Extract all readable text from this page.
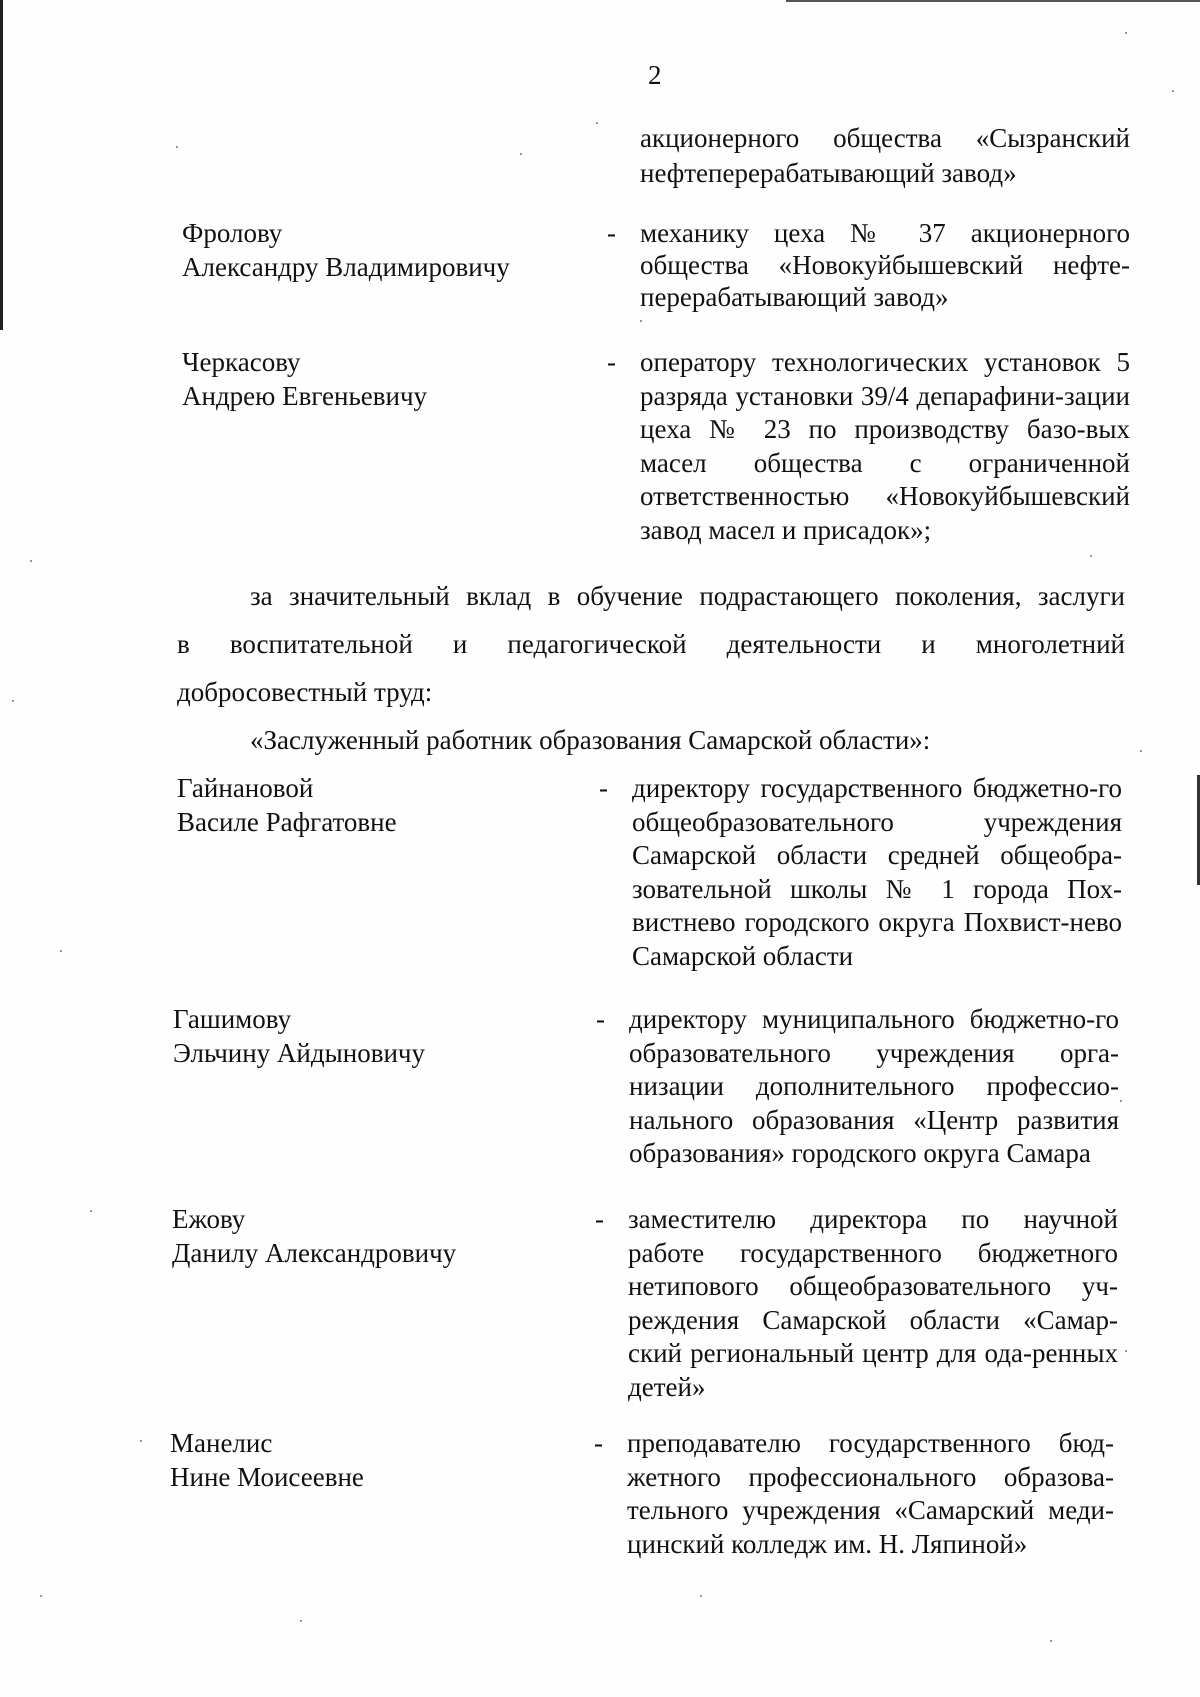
2
акционерного общества «Сызранский нефтеперерабатывающий завод»
Фролову
Александру Владимировичу
- механику цеха № 37 акционерного общества «Новокуйбышевский нефте-перерабатывающий завод»
Черкасову
Андрею Евгеньевичу
- оператору технологических установок 5 разряда установки 39/4 депарафини-зации цеха № 23 по производству базо-вых масел общества с ограниченной ответственностью «Новокуйбышевский завод масел и присадок»;
за значительный вклад в обучение подрастающего поколения, заслуги
в воспитательной и педагогической деятельности и многолетний
добросовестный труд:
«Заслуженный работник образования Самарской области»:
Гайнановой
Василе Рафгатовне
- директору государственного бюджетно-го общеобразовательного учреждения Самарской области средней общеобра-зовательной школы № 1 города Пох-вистнево городского округа Похвист-нево Самарской области
Гашимову
Эльчину Айдыновичу
- директору муниципального бюджетно-го образовательного учреждения орга-низации дополнительного профессио-нального образования «Центр развития образования» городского округа Самара
Ежову
Данилу Александровичу
- заместителю директора по научной работе государственного бюджетного нетипового общеобразовательного уч-реждения Самарской области «Самар-ский региональный центр для ода-ренных детей»
Манелис
Нине Моисеевне
- преподавателю государственного бюд-жетного профессионального образова-тельного учреждения «Самарский меди-цинский колледж им. Н. Ляпиной»
